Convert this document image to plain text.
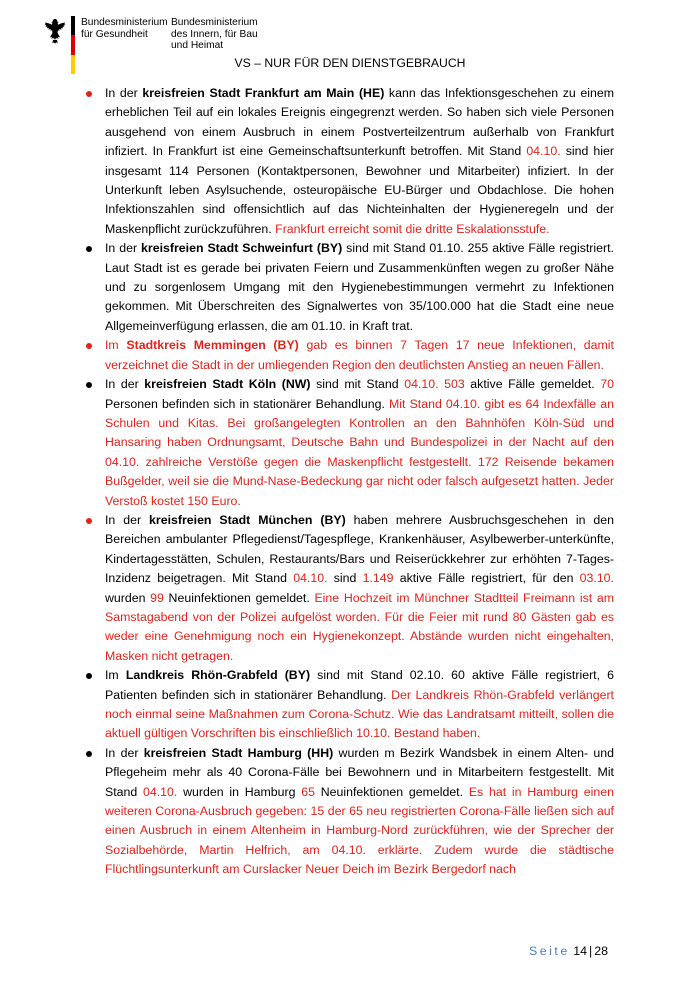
Bundesministerium
für Gesundheit
Bundesministerium
des Innern, für Bau
und Heimat
VS – NUR FÜR DEN DIENSTGEBRAUCH
In der kreisfreien Stadt Frankfurt am Main (HE) kann das Infektionsgeschehen zu einem erheblichen Teil auf ein lokales Ereignis eingegrenzt werden. So haben sich viele Personen ausgehend von einem Ausbruch in einem Postverteilzentrum außerhalb von Frankfurt infiziert. In Frankfurt ist eine Gemeinschaftsunterkunft betroffen. Mit Stand 04.10. sind hier insgesamt 114 Personen (Kontaktpersonen, Bewohner und Mitarbeiter) infiziert. In der Unterkunft leben Asylsuchende, osteuropäische EU-Bürger und Obdachlose. Die hohen Infektionszahlen sind offensichtlich auf das Nichteinhalten der Hygieneregeln und der Maskenpflicht zurückzuführen. Frankfurt erreicht somit die dritte Eskalationsstufe.
In der kreisfreien Stadt Schweinfurt (BY) sind mit Stand 01.10. 255 aktive Fälle registriert. Laut Stadt ist es gerade bei privaten Feiern und Zusammenkünften wegen zu großer Nähe und zu sorgenlosem Umgang mit den Hygienebestimmungen vermehrt zu Infektionen gekommen. Mit Überschreiten des Signalwertes von 35/100.000 hat die Stadt eine neue Allgemeinverfügung erlassen, die am 01.10. in Kraft trat.
Im Stadtkreis Memmingen (BY) gab es binnen 7 Tagen 17 neue Infektionen, damit verzeichnet die Stadt in der umliegenden Region den deutlichsten Anstieg an neuen Fällen.
In der kreisfreien Stadt Köln (NW) sind mit Stand 04.10. 503 aktive Fälle gemeldet. 70 Personen befinden sich in stationärer Behandlung. Mit Stand 04.10. gibt es 64 Indexfälle an Schulen und Kitas. Bei großangelegten Kontrollen an den Bahnhöfen Köln-Süd und Hansaring haben Ordnungsamt, Deutsche Bahn und Bundespolizei in der Nacht auf den 04.10. zahlreiche Verstöße gegen die Maskenpflicht festgestellt. 172 Reisende bekamen Bußgelder, weil sie die Mund-Nase-Bedeckung gar nicht oder falsch aufgesetzt hatten. Jeder Verstoß kostet 150 Euro.
In der kreisfreien Stadt München (BY) haben mehrere Ausbruchsgeschehen in den Bereichen ambulanter Pflegedienst/Tagespflege, Krankenhäuser, Asylbewerber-unterkünfte, Kindertagesstätten, Schulen, Restaurants/Bars und Reiserückkehrer zur erhöhten 7-Tages-Inzidenz beigetragen. Mit Stand 04.10. sind 1.149 aktive Fälle registriert, für den 03.10. wurden 99 Neuinfektionen gemeldet. Eine Hochzeit im Münchner Stadtteil Freimann ist am Samstagabend von der Polizei aufgelöst worden. Für die Feier mit rund 80 Gästen gab es weder eine Genehmigung noch ein Hygienekonzept. Abstände wurden nicht eingehalten, Masken nicht getragen.
Im Landkreis Rhön-Grabfeld (BY) sind mit Stand 02.10. 60 aktive Fälle registriert, 6 Patienten befinden sich in stationärer Behandlung. Der Landkreis Rhön-Grabfeld verlängert noch einmal seine Maßnahmen zum Corona-Schutz. Wie das Landratsamt mitteilt, sollen die aktuell gültigen Vorschriften bis einschließlich 10.10. Bestand haben.
In der kreisfreien Stadt Hamburg (HH) wurden m Bezirk Wandsbek in einem Alten- und Pflegeheim mehr als 40 Corona-Fälle bei Bewohnern und in Mitarbeitern festgestellt. Mit Stand 04.10. wurden in Hamburg 65 Neuinfektionen gemeldet. Es hat in Hamburg einen weiteren Corona-Ausbruch gegeben: 15 der 65 neu registrierten Corona-Fälle ließen sich auf einen Ausbruch in einem Altenheim in Hamburg-Nord zurückführen, wie der Sprecher der Sozialbehörde, Martin Helfrich, am 04.10. erklärte. Zudem wurde die städtische Flüchtlingsunterkunft am Curslacker Neuer Deich im Bezirk Bergedorf nach
Seite 14 | 28
